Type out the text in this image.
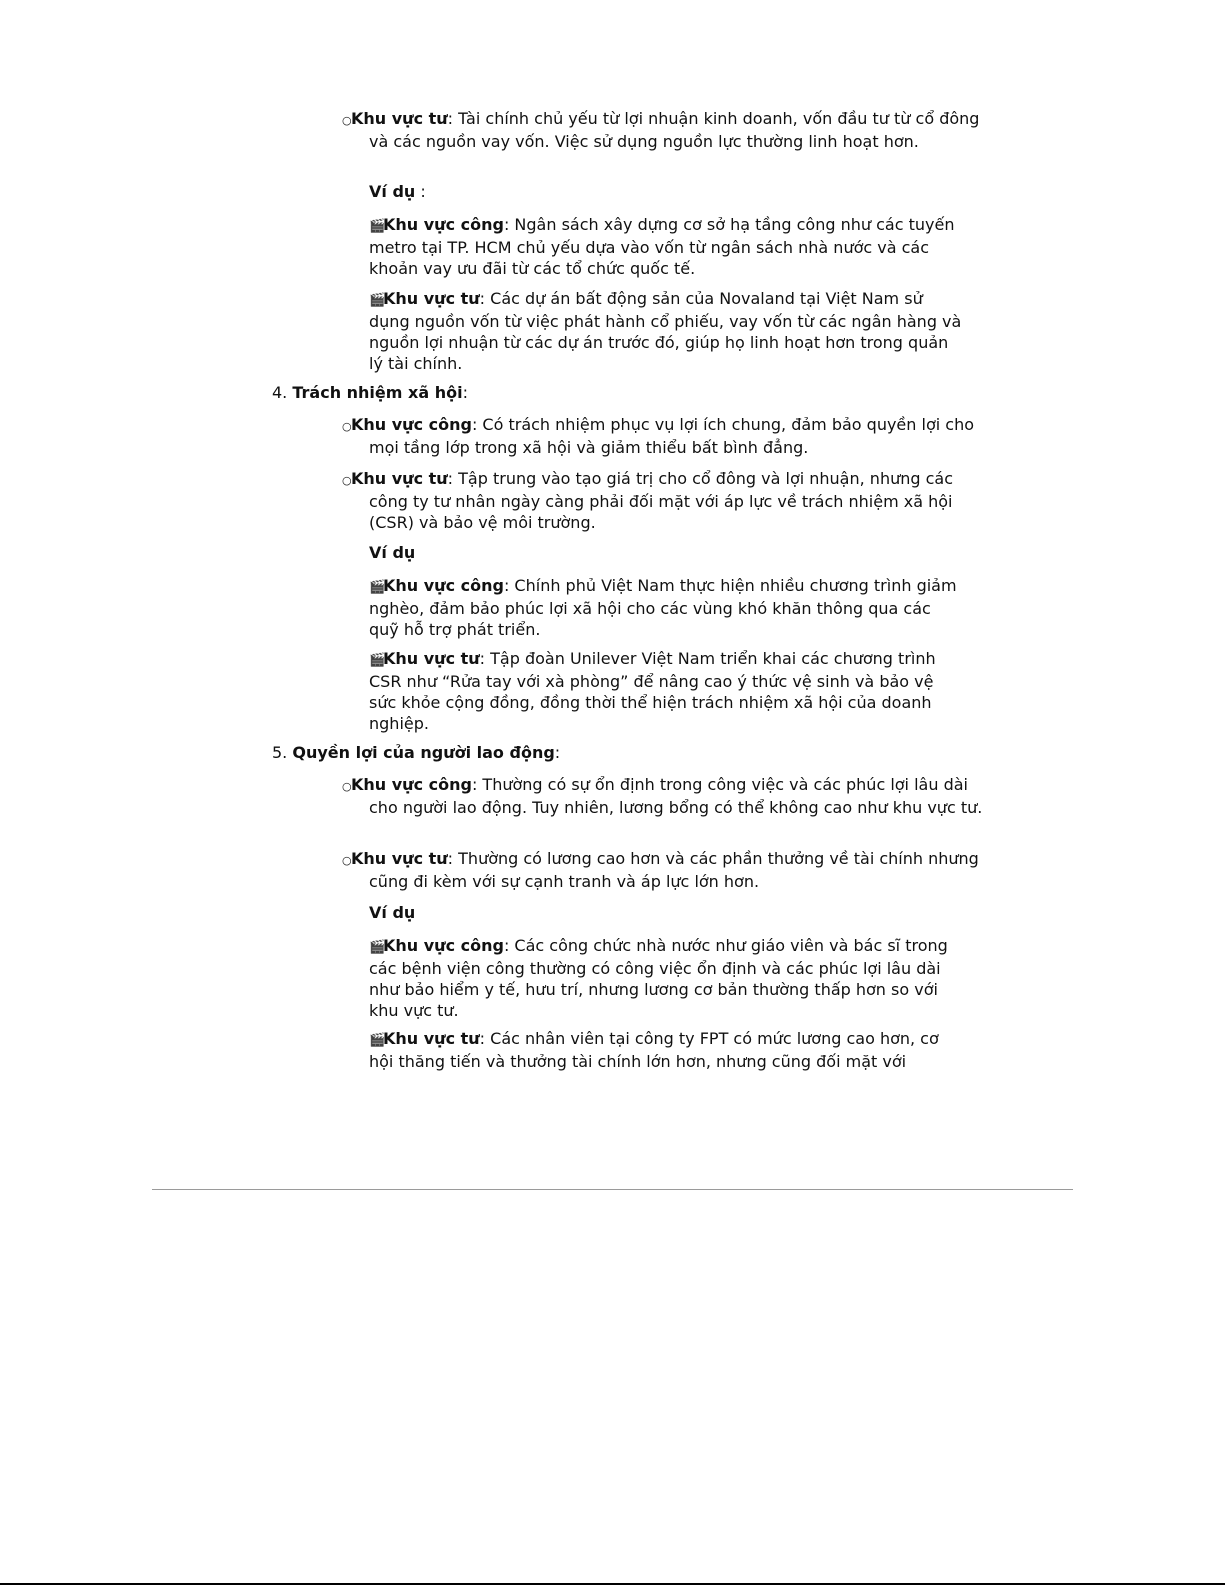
○Khu vực tư: Tài chính chủ yếu từ lợi nhuận kinh doanh, vốn đầu tư từ cổ đông và các nguồn vay vốn. Việc sử dụng nguồn lực thường linh hoạt hơn.

Ví dụ :

🎬Khu vực công: Ngân sách xây dựng cơ sở hạ tầng công như các tuyến metro tại TP. HCM chủ yếu dựa vào vốn từ ngân sách nhà nước và các khoản vay ưu đãi từ các tổ chức quốc tế.

🎬Khu vực tư: Các dự án bất động sản của Novaland tại Việt Nam sử dụng nguồn vốn từ việc phát hành cổ phiếu, vay vốn từ các ngân hàng và nguồn lợi nhuận từ các dự án trước đó, giúp họ linh hoạt hơn trong quản lý tài chính.

4. Trách nhiệm xã hội:

○Khu vực công: Có trách nhiệm phục vụ lợi ích chung, đảm bảo quyền lợi cho mọi tầng lớp trong xã hội và giảm thiểu bất bình đẳng.

○Khu vực tư: Tập trung vào tạo giá trị cho cổ đông và lợi nhuận, nhưng các công ty tư nhân ngày càng phải đối mặt với áp lực về trách nhiệm xã hội (CSR) và bảo vệ môi trường.

Ví dụ

🎬Khu vực công: Chính phủ Việt Nam thực hiện nhiều chương trình giảm nghèo, đảm bảo phúc lợi xã hội cho các vùng khó khăn thông qua các quỹ hỗ trợ phát triển.

🎬Khu vực tư: Tập đoàn Unilever Việt Nam triển khai các chương trình CSR như “Rửa tay với xà phòng” để nâng cao ý thức vệ sinh và bảo vệ sức khỏe cộng đồng, đồng thời thể hiện trách nhiệm xã hội của doanh nghiệp.

5. Quyền lợi của người lao động:

○Khu vực công: Thường có sự ổn định trong công việc và các phúc lợi lâu dài cho người lao động. Tuy nhiên, lương bổng có thể không cao như khu vực tư.

○Khu vực tư: Thường có lương cao hơn và các phần thưởng về tài chính nhưng cũng đi kèm với sự cạnh tranh và áp lực lớn hơn.

Ví dụ

🎬Khu vực công: Các công chức nhà nước như giáo viên và bác sĩ trong các bệnh viện công thường có công việc ổn định và các phúc lợi lâu dài như bảo hiểm y tế, hưu trí, nhưng lương cơ bản thường thấp hơn so với khu vực tư.

🎬Khu vực tư: Các nhân viên tại công ty FPT có mức lương cao hơn, cơ hội thăng tiến và thưởng tài chính lớn hơn, nhưng cũng đối mặt với
